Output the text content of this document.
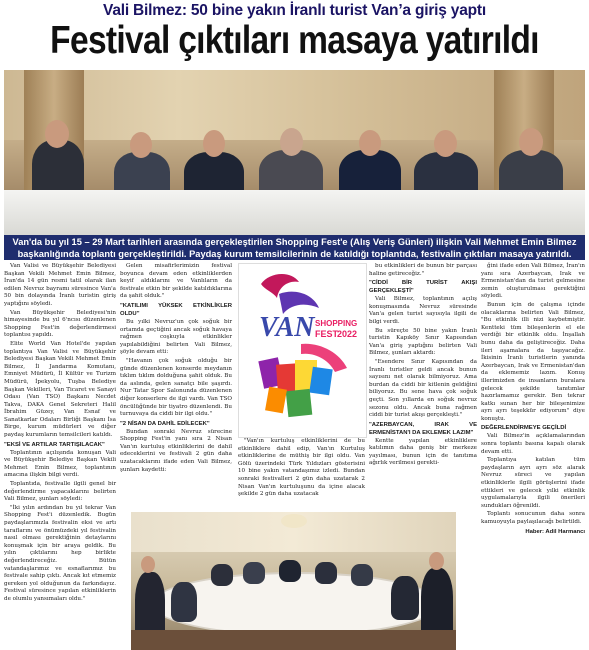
Vali Bilmez: 50 bine yakın İranlı turist Van’a giriş yaptı
Festival çıktıları masaya yatırıldı
Van'da bu yıl 15 – 29 Mart tarihleri arasında gerçekleştirilen Shopping Fest'e (Alış Veriş Günleri) ilişkin Vali Mehmet Emin Bilmez
başkanlığında toplantı gerçekleştirildi. Paydaş kurum temsilcilerinin de katıldığı toplantıda, festivalin çıktıları masaya yatırıldı.

Van Valisi ve Büyükşehir Belediyesi Başkan Vekili Mehmet Emin Bilmez, İran'da 14 gün resmi tatil olarak ilan edilen Nevruz bayramı süresince Van'a 50 bin dolayında İranlı turistin giriş yaptığını söyledi.

Van Büyükşehir Belediyesi'nin himayesinde bu yıl 6'ncısı düzenlenen Shopping Fest'in değerlendirmesi toplantısı yapıldı.

Elite World Van Hotel'de yapılan toplantıya Van Valisi ve Büyükşehir Belediyesi Başkan Vekili Mehmet Emin Bilmez, İl Jandarma Komutanı, Emniyet Müdürü, İl Kültür ve Turizm Müdürü, İpekyolu, Tuşba Belediye Başkan Vekilleri, Van Ticaret ve Sanayi Odası (Van TSO) Başkanı Necdet Takva, DAKA Genel Sekreteri Halil İbrahim Güzey, Van Esnaf ve Sanatkarlar Odaları Birliği Başkanı İsa Birge, kurum müdürleri ve diğer paydaş kurumların temsilcileri katıldı.

"EKSİ VE ARTILAR TARTIŞILACAK"

Toplantının açılışında konuşan Vali ve Büyükşehir Belediye Başkan Vekili Mehmet Emin Bilmez, toplantının amacına ilişkin bilgi verdi.

Toplantıda, festivalle ilgili genel bir değerlendirme yapacaklarını belirten Vali Bilmez, şunları söyledi:

"İki yılın ardından bu yıl tekrar Van Shopping Fest'i düzenledik. Bugün paydaşlarımızla festivalin eksi ve artı taraflarını ve önümüzdeki yıl festivalin nasıl olması gerektiğinin detaylarını konuşmak için bir araya geldik. Bu yılın çıktılarını hep birlikte değerlendireceğiz. Bütün vatandaşlarımız ve esnaflarımız bu festivale sahip çıktı. Ancak kıt etmemiz gereken yol olduğunun da farkındayız. Festival süresince yapılan etkinliklerin de olumlu yansımaları oldu."

Gelen misafirlerimizin festival boyunca devam eden etkinliklerden keyif aldıklarını ve Vanlıların da festivale etkin bir şekilde katıldıklarına da şahit olduk."

"KATILIMI YÜKSEK ETKİNLİKLER OLDU"

Bu yılki Nevruz'un çok soğuk bir ortamda geçtiğini ancak soğuk havaya rağmen coşkuyla etkinlikler yapılabildiğini belirten Vali Bilmez, şöyle devam etti:

"Havanın çok soğuk olduğu bir günde düzenlenen konserde meydanın tıklım tıklım dolduğuna şahit olduk. Bu da aslında, gelen sanatçı bile şaşırdı. Nur Tatar Spor Salonunda düzenlenen diğer konserlere de ilgi vardı. Van TSO öncülüğünde bir tiyatro düzenlendi. Bu turnuvaya da ciddi bir ilgi oldu."

"2 NİSAN DA DAHİL EDİLECEK"

Bundan sonraki Nevruz sürecine Shopping Fest'in yanı sıra 2 Nisan Van'ın kurtuluş etkinliklerini de dahil edeceklerini ve festivali 2 gün daha uzatacaklarını ifade eden Vali Bilmez, şunları kaydetti:

VAN SHOPPING
FEST
2022

"Van'ın kurtuluş etkinliklerini de bu etkinliklere dahil edip, Van'ın Kurtuluş etkinliklerine de müthiş bir ilgi oldu. Van Gölü üzerindeki Türk Yıldızları gösterisini 10 bine yakın vatandaşımız izledi. Bundan sonraki festivalleri 2 gün daha uzatarak 2 Nisan Van'ın kurtuluşunu da içine alacak şekilde 2 gün daha uzatacak

bu etkinlikleri de bunun bir parçası haline getireceğiz."

"CİDDİ BİR TURİST AKIŞI GERÇEKLEŞTİ"

Vali Bilmez, toplantının açılış konuşmasında Nevruz süresinde Van'a gelen turist sayısıyla ilgili de bilgi verdi.

Bu süreçte 50 bine yakın İranlı turistin Kapıköy Sınır Kapısından Van'a giriş yaptığını belirten Vali Bilmez, şunları aktardı:

"Esendere Sınır Kapısından da İranlı turistler geldi ancak bunun sayısını net olarak bilmiyoruz. Ama burdan da ciddi bir kitlenin geldiğini biliyoruz. Bu sene hava çok soğuk geçti. Son yıllarda en soğuk nevruz sezonu oldu. Ancak buna rağmen ciddi bir turist akışı gerçekleşti."

"AZERBAYCAN, IRAK VE ERMENİSTAN'I DA EKLEMEK LAZIM"

Kentte yapılan etkinliklere katılımın daha geniş bir merkeze yayılması, bunun için de tanıtıma ağırlık verilmesi gerekti-

ğini ifade eden Vali Bilmez, İran'ın yanı sıra Azerbaycan, Irak ve Ermenistan'dan da turist gelmesine zemin oluşturulması gerektiğini söyledi.

Bunun için de çalışma içinde olacaklarına belirten Vali Bilmez, "Bu etkinlik illi nizi kaybetmiştir. Kentteki tüm bileşenlerin el ele verdiği bir etkinlik oldu. İnşallah bunu daha da geliştireceğiz. Daha ileri aşamalara da taşıyacağız. İkisinin İranlı turistlerin yanında Azerbaycan, Irak ve Ermenistan'dan da eklememiz lazım. Konuş illerimizden de insanların buralara gelecek şekilde tanıtımlar hazırlamamız gerekir. Ben tekrar katkı sunan her bir bileşenimize ayrı ayrı teşekkür ediyorum" diye konuştu.

DEĞERLENDİRMEYE GEÇİLDİ

Vali Bilmez'in açıklamalarından sonra toplantı basına kapalı olarak devam etti.

Toplantıya katılan tüm paydaşların ayrı ayrı söz alarak Nevruz süreci ve yapılan etkinliklerle ilgili görüşlerini ifade ettikleri ve gelecek yılki etkinlik uygulamalarıyla ilgili önerileri sundukları öğrenildi.

Toplantı sonucunun daha sonra kamuoyuyla paylaşılacağı belirtildi.

Haber: Adil Harmancı
